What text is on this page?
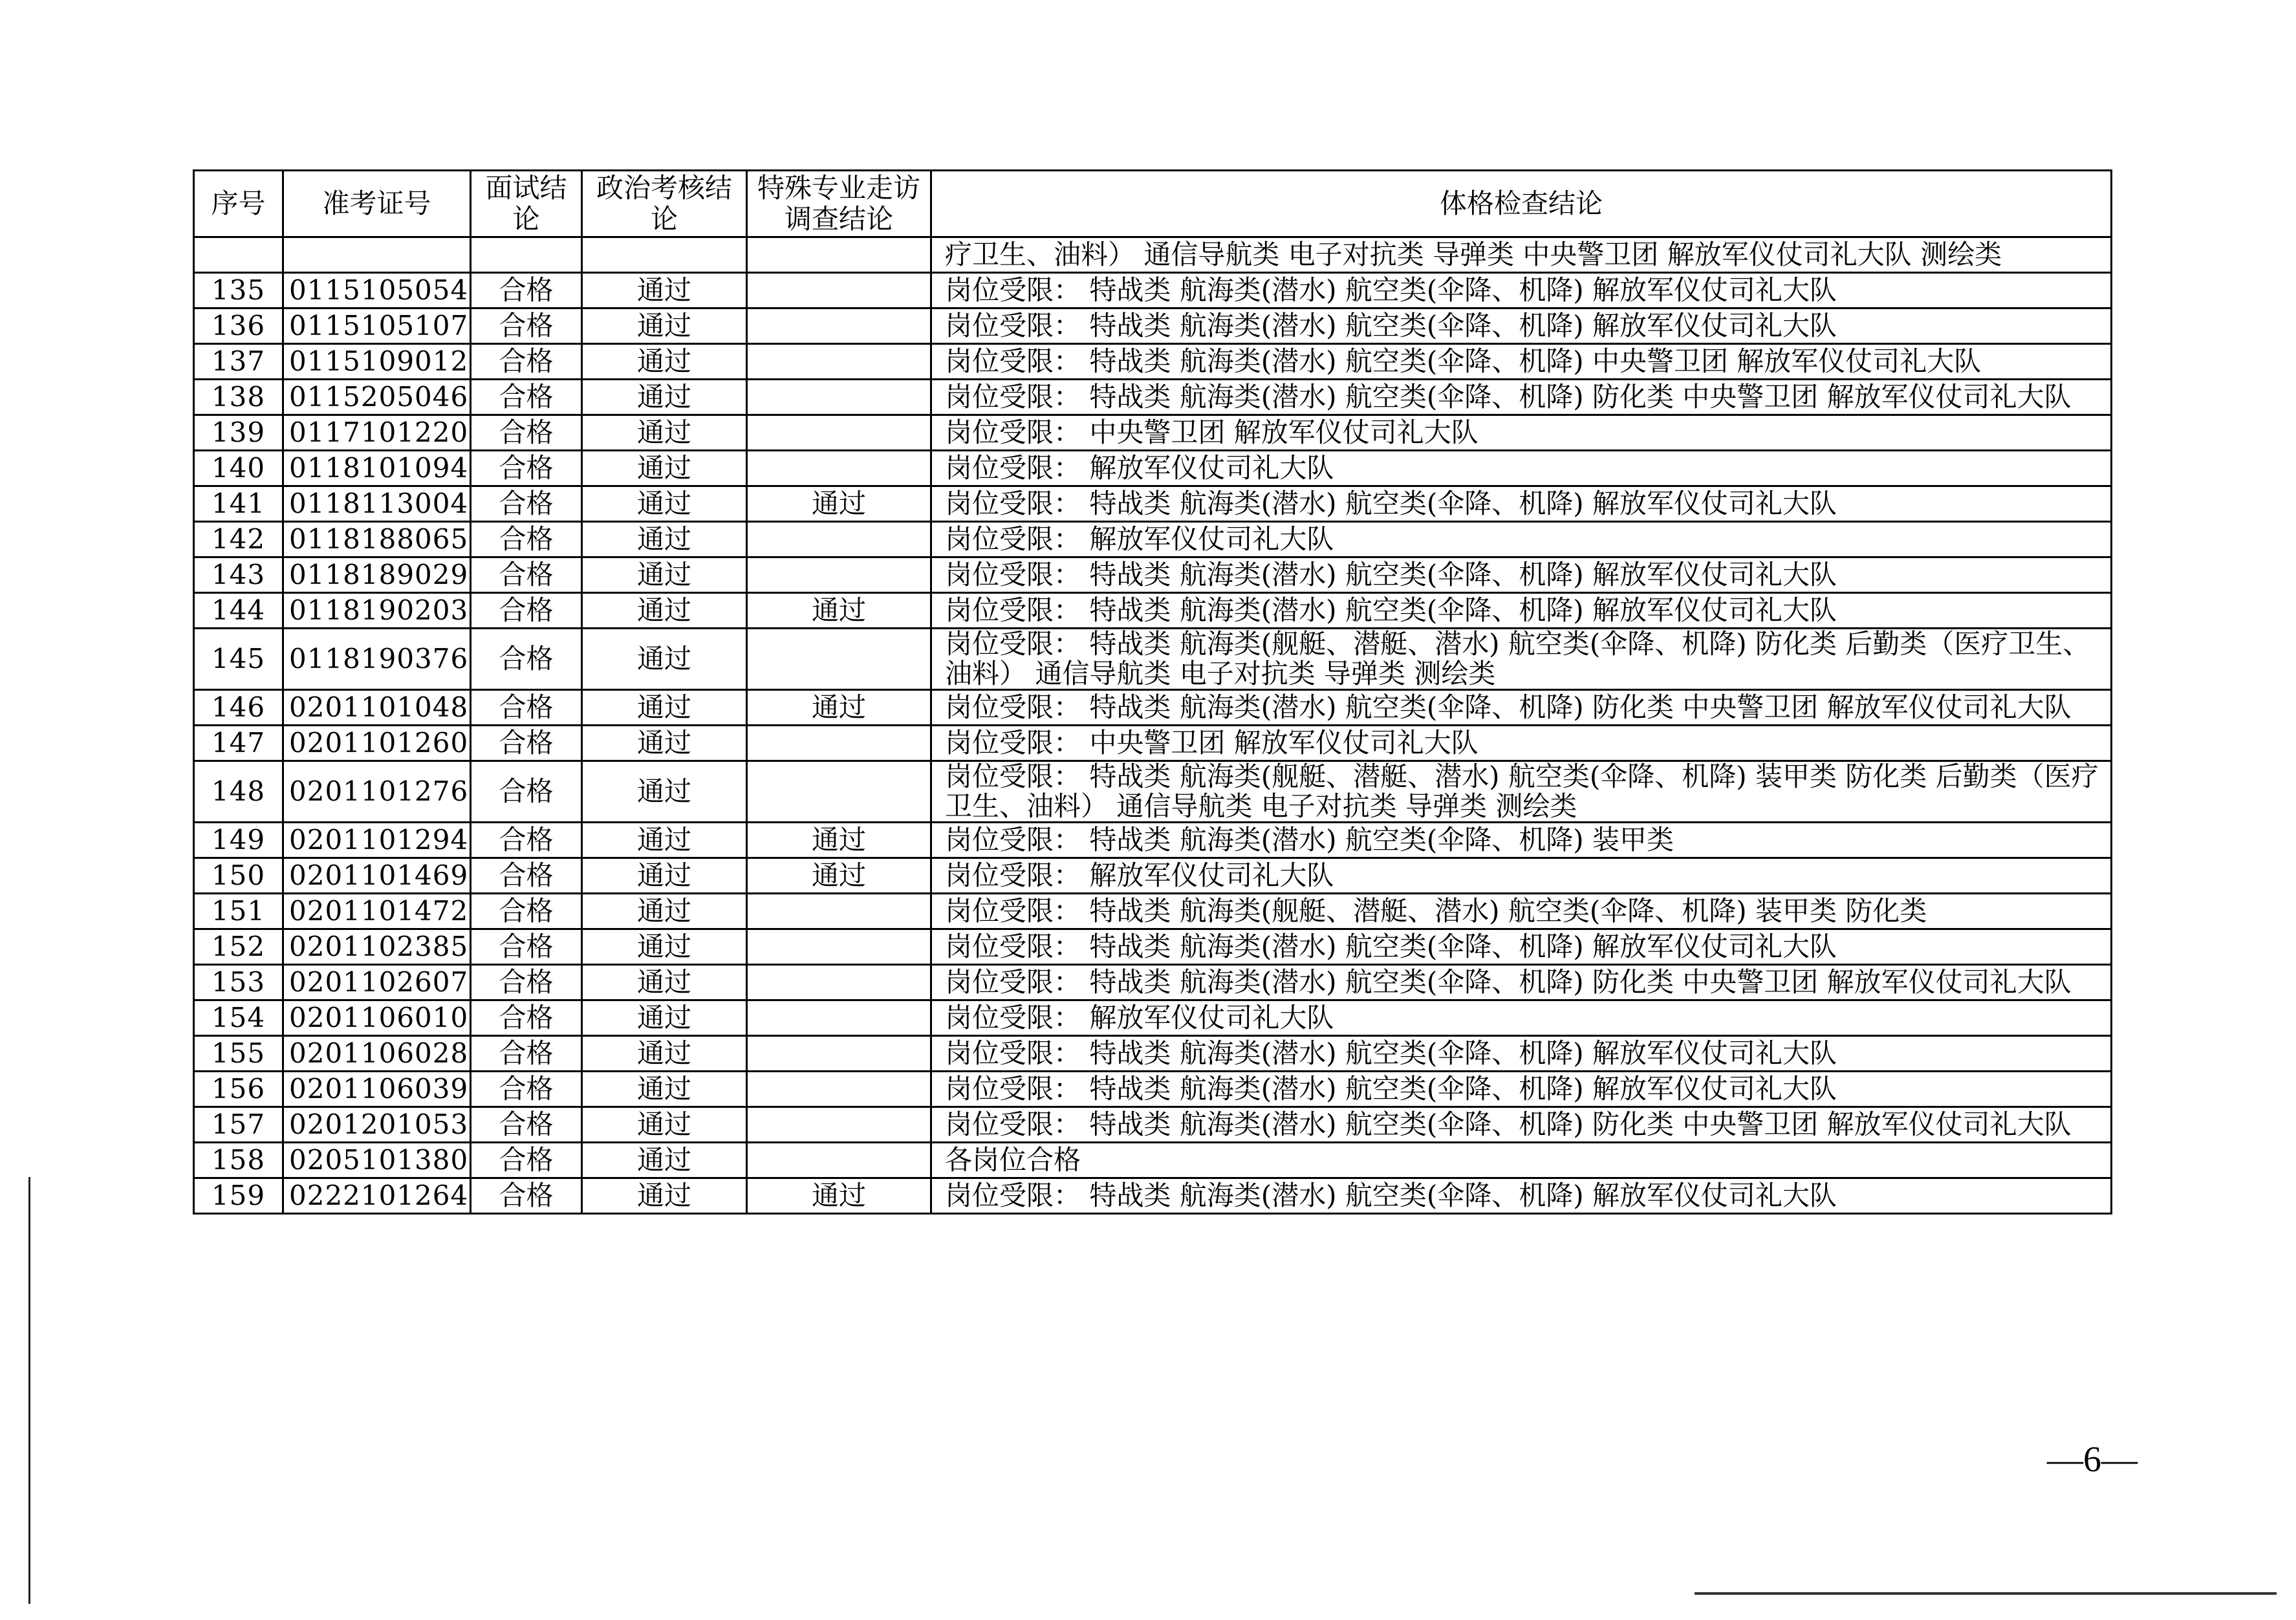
序号	准考证号	面试结论	政治考核结论	特殊专业走访调查结论	体格检查结论
					疗卫生、油料） 通信导航类 电子对抗类 导弹类 中央警卫团 解放军仪仗司礼大队 测绘类
135	0115105054	合格	通过		岗位受限： 特战类 航海类(潜水) 航空类(伞降、机降) 解放军仪仗司礼大队
136	0115105107	合格	通过		岗位受限： 特战类 航海类(潜水) 航空类(伞降、机降) 解放军仪仗司礼大队
137	0115109012	合格	通过		岗位受限： 特战类 航海类(潜水) 航空类(伞降、机降) 中央警卫团 解放军仪仗司礼大队
138	0115205046	合格	通过		岗位受限： 特战类 航海类(潜水) 航空类(伞降、机降) 防化类 中央警卫团 解放军仪仗司礼大队
139	0117101220	合格	通过		岗位受限： 中央警卫团 解放军仪仗司礼大队
140	0118101094	合格	通过		岗位受限： 解放军仪仗司礼大队
141	0118113004	合格	通过	通过	岗位受限： 特战类 航海类(潜水) 航空类(伞降、机降) 解放军仪仗司礼大队
142	0118188065	合格	通过		岗位受限： 解放军仪仗司礼大队
143	0118189029	合格	通过		岗位受限： 特战类 航海类(潜水) 航空类(伞降、机降) 解放军仪仗司礼大队
144	0118190203	合格	通过	通过	岗位受限： 特战类 航海类(潜水) 航空类(伞降、机降) 解放军仪仗司礼大队
145	0118190376	合格	通过		岗位受限： 特战类 航海类(舰艇、潜艇、潜水) 航空类(伞降、机降) 防化类 后勤类（医疗卫生、油料） 通信导航类 电子对抗类 导弹类 测绘类
146	0201101048	合格	通过	通过	岗位受限： 特战类 航海类(潜水) 航空类(伞降、机降) 防化类 中央警卫团 解放军仪仗司礼大队
147	0201101260	合格	通过		岗位受限： 中央警卫团 解放军仪仗司礼大队
148	0201101276	合格	通过		岗位受限： 特战类 航海类(舰艇、潜艇、潜水) 航空类(伞降、机降) 装甲类 防化类 后勤类（医疗卫生、油料） 通信导航类 电子对抗类 导弹类 测绘类
149	0201101294	合格	通过	通过	岗位受限： 特战类 航海类(潜水) 航空类(伞降、机降) 装甲类
150	0201101469	合格	通过	通过	岗位受限： 解放军仪仗司礼大队
151	0201101472	合格	通过		岗位受限： 特战类 航海类(舰艇、潜艇、潜水) 航空类(伞降、机降) 装甲类 防化类
152	0201102385	合格	通过		岗位受限： 特战类 航海类(潜水) 航空类(伞降、机降) 解放军仪仗司礼大队
153	0201102607	合格	通过		岗位受限： 特战类 航海类(潜水) 航空类(伞降、机降) 防化类 中央警卫团 解放军仪仗司礼大队
154	0201106010	合格	通过		岗位受限： 解放军仪仗司礼大队
155	0201106028	合格	通过		岗位受限： 特战类 航海类(潜水) 航空类(伞降、机降) 解放军仪仗司礼大队
156	0201106039	合格	通过		岗位受限： 特战类 航海类(潜水) 航空类(伞降、机降) 解放军仪仗司礼大队
157	0201201053	合格	通过		岗位受限： 特战类 航海类(潜水) 航空类(伞降、机降) 防化类 中央警卫团 解放军仪仗司礼大队
158	0205101380	合格	通过		各岗位合格
159	0222101264	合格	通过	通过	岗位受限： 特战类 航海类(潜水) 航空类(伞降、机降) 解放军仪仗司礼大队
—6—
